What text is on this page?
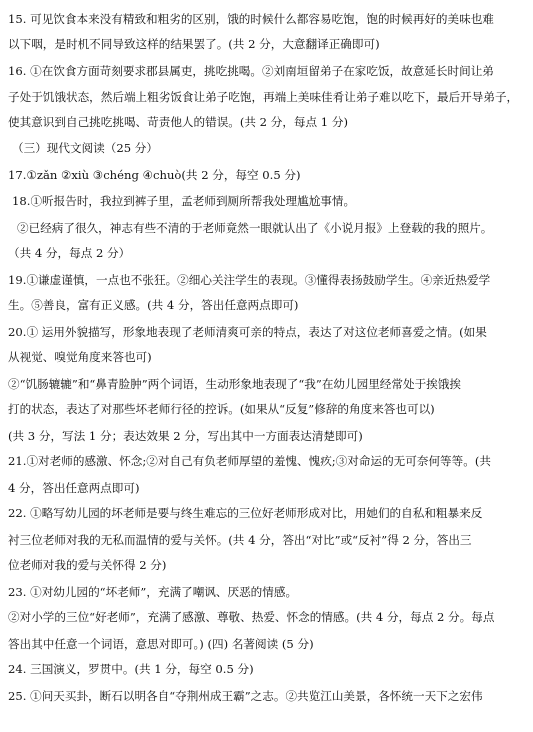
15. 可见饮食本来没有精致和粗劣的区别，饿的时候什么都容易吃饱，饱的时候再好的美味也难
以下咽，是时机不同导致这样的结果罢了。(共 2 分，大意翻译正确即可)
16. ①在饮食方面苛刻要求郡县属吏，挑吃挑喝。②刘南垣留弟子在家吃饭，故意延长时间让弟
子处于饥饿状态，然后端上粗劣饭食让弟子吃饱，再端上美味佳肴让弟子难以吃下，最后开导弟子，
使其意识到自己挑吃挑喝、苛责他人的错误。(共 2 分，每点 1 分)
（三）现代文阅读（25 分）
17.①zǎn ②xiù ③chéng ④chuò(共 2 分，每空 0.5 分)
18.①听报告时，我拉到裤子里，孟老师到厕所帮我处理尴尬事情。
②已经病了很久，神志有些不清的于老师竟然一眼就认出了《小说月报》上登载的我的照片。
（共 4 分，每点 2 分）
19.①谦虚谨慎，一点也不张狂。②细心关注学生的表现。③懂得表扬鼓励学生。④亲近热爱学
生。⑤善良，富有正义感。(共 4 分，答出任意两点即可)
20.① 运用外貌描写，形象地表现了老师清爽可亲的特点，表达了对这位老师喜爱之情。(如果
从视觉、嗅觉角度来答也可)
②“饥肠辘辘”和“鼻青脸肿”两个词语，生动形象地表现了“我”在幼儿园里经常处于挨饿挨
打的状态，表达了对那些坏老师行径的控诉。(如果从“反复”修辞的角度来答也可以)
(共 3 分，写法 1 分；表达效果 2 分，写出其中一方面表达清楚即可)
21.①对老师的感激、怀念;②对自己有负老师厚望的羞愧、愧疚;③对命运的无可奈何等等。(共
4 分，答出任意两点即可)
22. ①略写幼儿园的坏老师是要与终生难忘的三位好老师形成对比，用她们的自私和粗暴来反
衬三位老师对我的无私而温情的爱与关怀。(共 4 分，答出“对比”或“反衬”得 2 分，答出三
位老师对我的爱与关怀得 2 分)
23. ①对幼儿园的“坏老师”，充满了嘲讽、厌恶的情感。
②对小学的三位“好老师”，充满了感激、尊敬、热爱、怀念的情感。(共 4 分，每点 2 分。每点
答出其中任意一个词语，意思对即可。) (四) 名著阅读 (5 分)
24. 三国演义，罗贯中。(共 1 分，每空 0.5 分)
25. ①问天买卦，断石以明各自“夺荆州成王霸”之志。②共览江山美景，各怀统一天下之宏伟
